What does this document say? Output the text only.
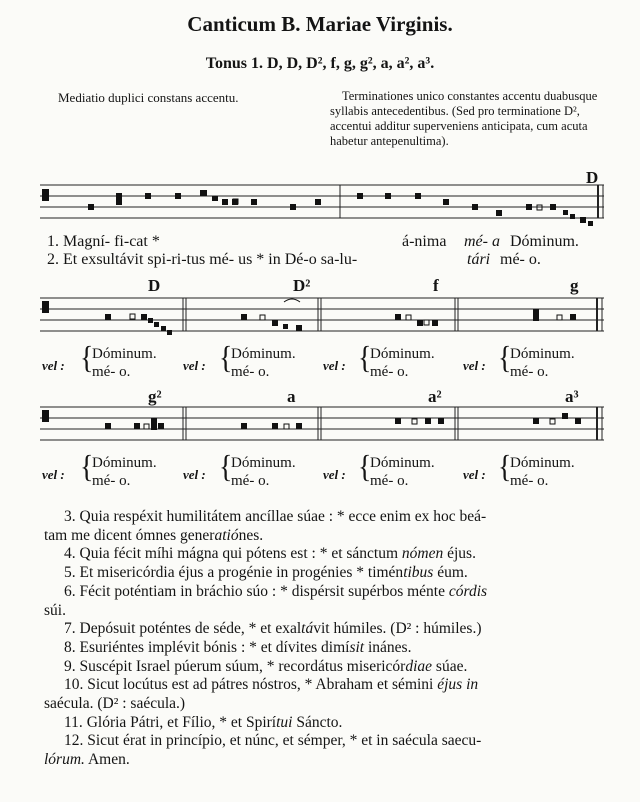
Canticum B. Mariae Virginis.
Tonus 1. D, D, D², f, g, g², a, a², a³.
Mediatio duplici constans accentu.	Terminationes unico constantes accentu duabusque syllabis antecedentibus. (Sed pro terminatione D², accentui additur superveniens anticipata, cum acuta habetur antepenultima).
D
1. Magní- fi-cat *	á-nima mé- a Dóminum.
2. Et exsultávit spi-ri-tus mé- us * in Dé-o sa-lu-	tári mé- o.
D	D²	f	g
vel : {
Dóminum.
mé- o.	vel : {
Dóminum.
mé- o.	vel : {
Dóminum.
mé- o.	vel : {
Dóminum.
mé- o.
g²	a	a²	a³
vel : {
Dóminum.
mé- o.	vel : {
Dóminum.
mé- o.	vel : {
Dóminum.
mé- o.	vel : {
Dóminum.
mé- o.

3. Quia respéxit humilitátem ancíllae súae : * ecce enim ex hoc beá-

tam me dicent ómnes generatiónes.

4. Quia fécit míhi mágna qui pótens est : * et sánctum nómen éjus.

5. Et misericórdia éjus a progénie in progénies * timéntibus éum.

6. Fécit poténtiam in bráchio súo : * dispérsit supérbos ménte córdis

súi.

7. Depósuit poténtes de séde, * et exaltávit húmiles. (D² : húmiles.)

8. Esuriéntes implévit bónis : * et dívites dimísit inánes.

9. Suscépit Israel púerum súum, * recordátus misericórdiae súae.

10. Sicut locútus est ad pátres nóstros, * Abraham et sémini éjus in

saécula. (D² : saécula.)

11. Glória Pátri, et Fílio, * et Spirítui Sáncto.

12. Sicut érat in princípio, et núnc, et sémper, * et in saécula saecu-

lórum. Amen.
